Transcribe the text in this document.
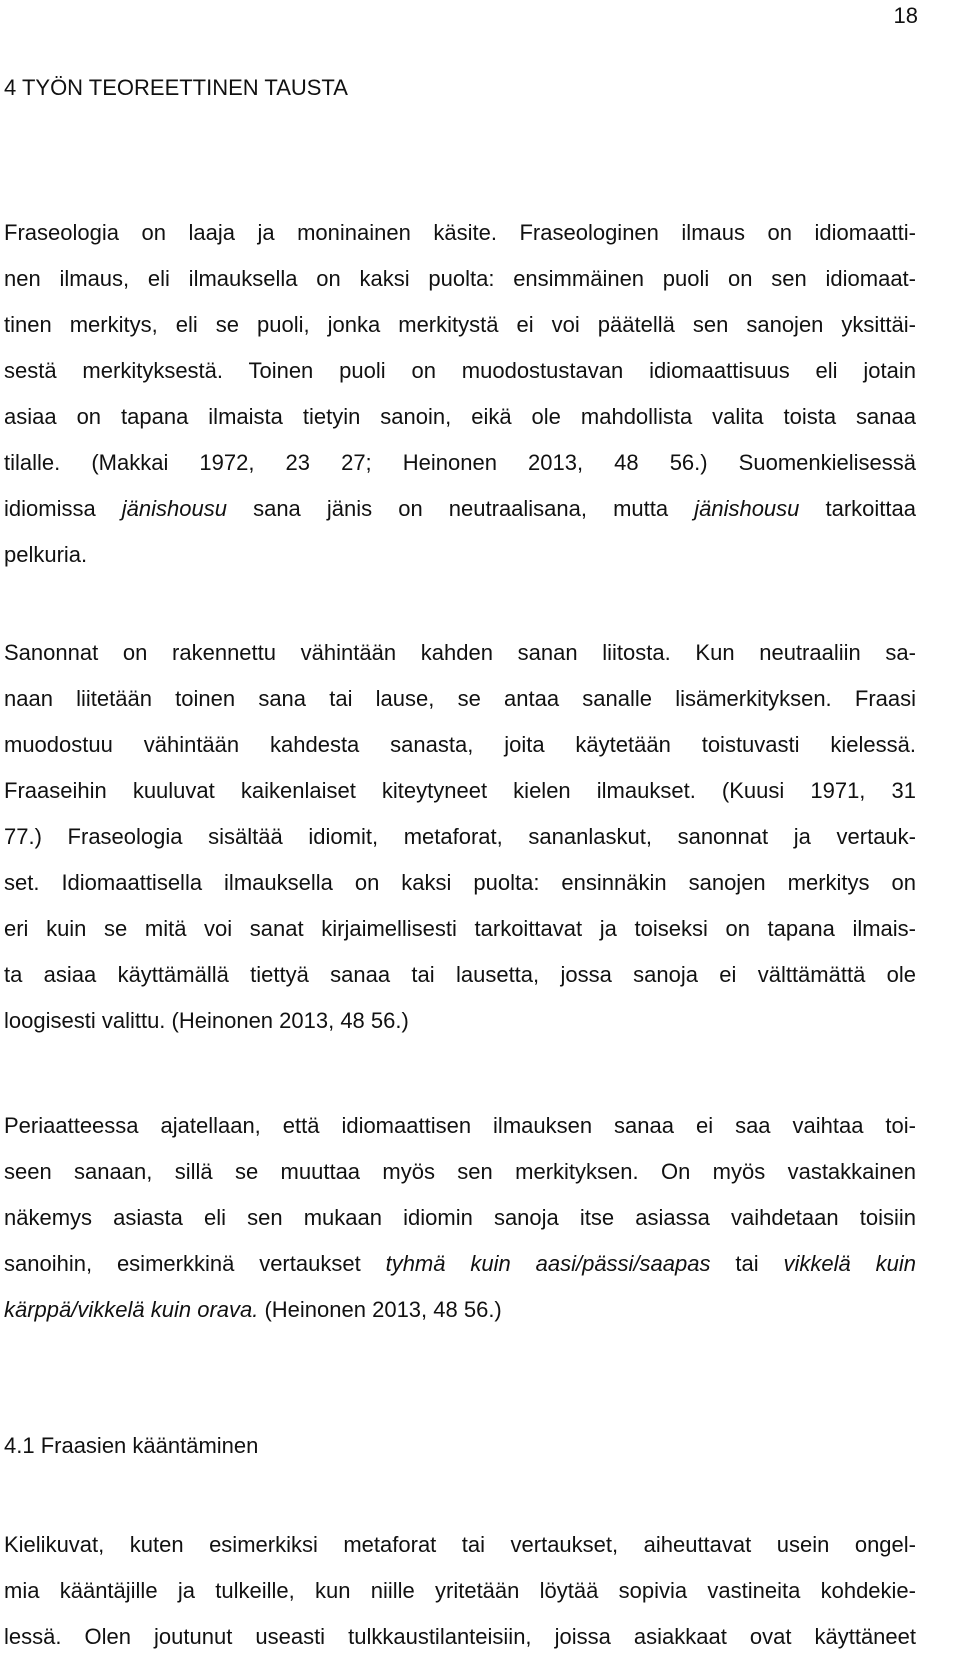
18
4 TYÖN TEOREETTINEN TAUSTA

Fraseologia on laaja ja moninainen käsite. Fraseologinen ilmaus on idiomaatti-
nen ilmaus, eli ilmauksella on kaksi puolta: ensimmäinen puoli on sen idiomaat-
tinen merkitys, eli se puoli, jonka merkitystä ei voi päätellä sen sanojen yksittäi-
sestä merkityksestä. Toinen puoli on muodostustavan idiomaattisuus eli jotain
asiaa on tapana ilmaista tietyin sanoin, eikä ole mahdollista valita toista sanaa
tilalle. (Makkai 1972, 23 27; Heinonen 2013, 48 56.) Suomenkielisessä
idiomissa jänishousu sana jänis on neutraalisana, mutta jänishousu tarkoittaa
pelkuria.

Sanonnat on rakennettu vähintään kahden sanan liitosta. Kun neutraaliin sa-
naan liitetään toinen sana tai lause, se antaa sanalle lisämerkityksen. Fraasi
muodostuu vähintään kahdesta sanasta, joita käytetään toistuvasti kielessä.
Fraaseihin kuuluvat kaikenlaiset kiteytyneet kielen ilmaukset. (Kuusi 1971, 31
77.) Fraseologia sisältää idiomit, metaforat, sananlaskut, sanonnat ja vertauk-
set. Idiomaattisella ilmauksella on kaksi puolta: ensinnäkin sanojen merkitys on
eri kuin se mitä voi sanat kirjaimellisesti tarkoittavat ja toiseksi on tapana ilmais-
ta asiaa käyttämällä tiettyä sanaa tai lausetta, jossa sanoja ei välttämättä ole
loogisesti valittu. (Heinonen 2013, 48 56.)

Periaatteessa ajatellaan, että idiomaattisen ilmauksen sanaa ei saa vaihtaa toi-
seen sanaan, sillä se muuttaa myös sen merkityksen. On myös vastakkainen
näkemys asiasta eli sen mukaan idiomin sanoja itse asiassa vaihdetaan toisiin
sanoihin, esimerkkinä vertaukset tyhmä kuin aasi/pässi/saapas tai vikkelä kuin
kärppä/vikkelä kuin orava. (Heinonen 2013, 48 56.)

4.1 Fraasien kääntäminen

Kielikuvat, kuten esimerkiksi metaforat tai vertaukset, aiheuttavat usein ongel-
mia kääntäjille ja tulkeille, kun niille yritetään löytää sopivia vastineita kohdekie-
lessä. Olen joutunut useasti tulkkaustilanteisiin, joissa asiakkaat ovat käyttäneet
